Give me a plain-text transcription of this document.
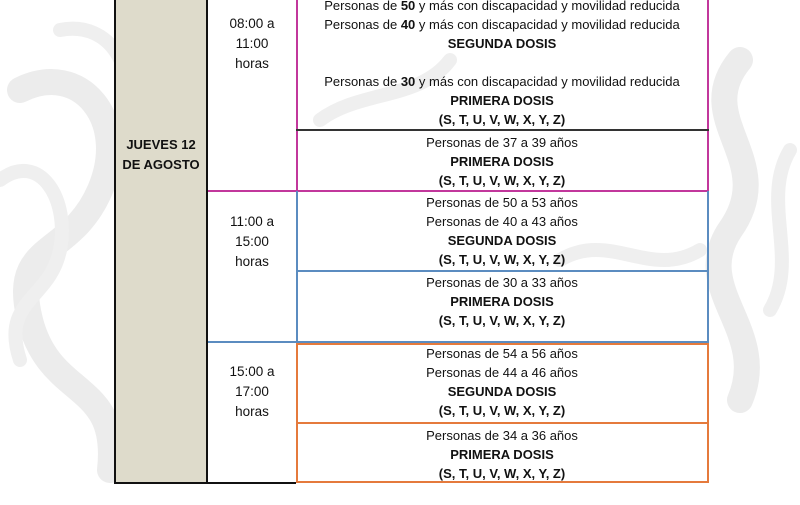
JUEVES 12
DE AGOSTO
08:00 a
11:00
horas
11:00 a
15:00
horas
15:00 a
17:00
horas
Personas de 50 y más con discapacidad y movilidad reducida
Personas de 40 y más con discapacidad y movilidad reducida
SEGUNDA DOSIS
Personas de 30 y más con discapacidad y movilidad reducida
PRIMERA DOSIS
(S, T, U, V, W, X, Y, Z)
Personas de 37 a 39 años
PRIMERA DOSIS
(S, T, U, V, W, X, Y, Z)
Personas de 50 a 53 años
Personas de 40 a 43 años
SEGUNDA DOSIS
(S, T, U, V, W, X, Y, Z)
Personas de 30 a 33 años
PRIMERA DOSIS
(S, T, U, V, W, X, Y, Z)
Personas de 54 a 56 años
Personas de 44 a 46 años
SEGUNDA DOSIS
(S, T, U, V, W, X, Y, Z)
Personas de 34 a 36 años
PRIMERA DOSIS
(S, T, U, V, W, X, Y, Z)
